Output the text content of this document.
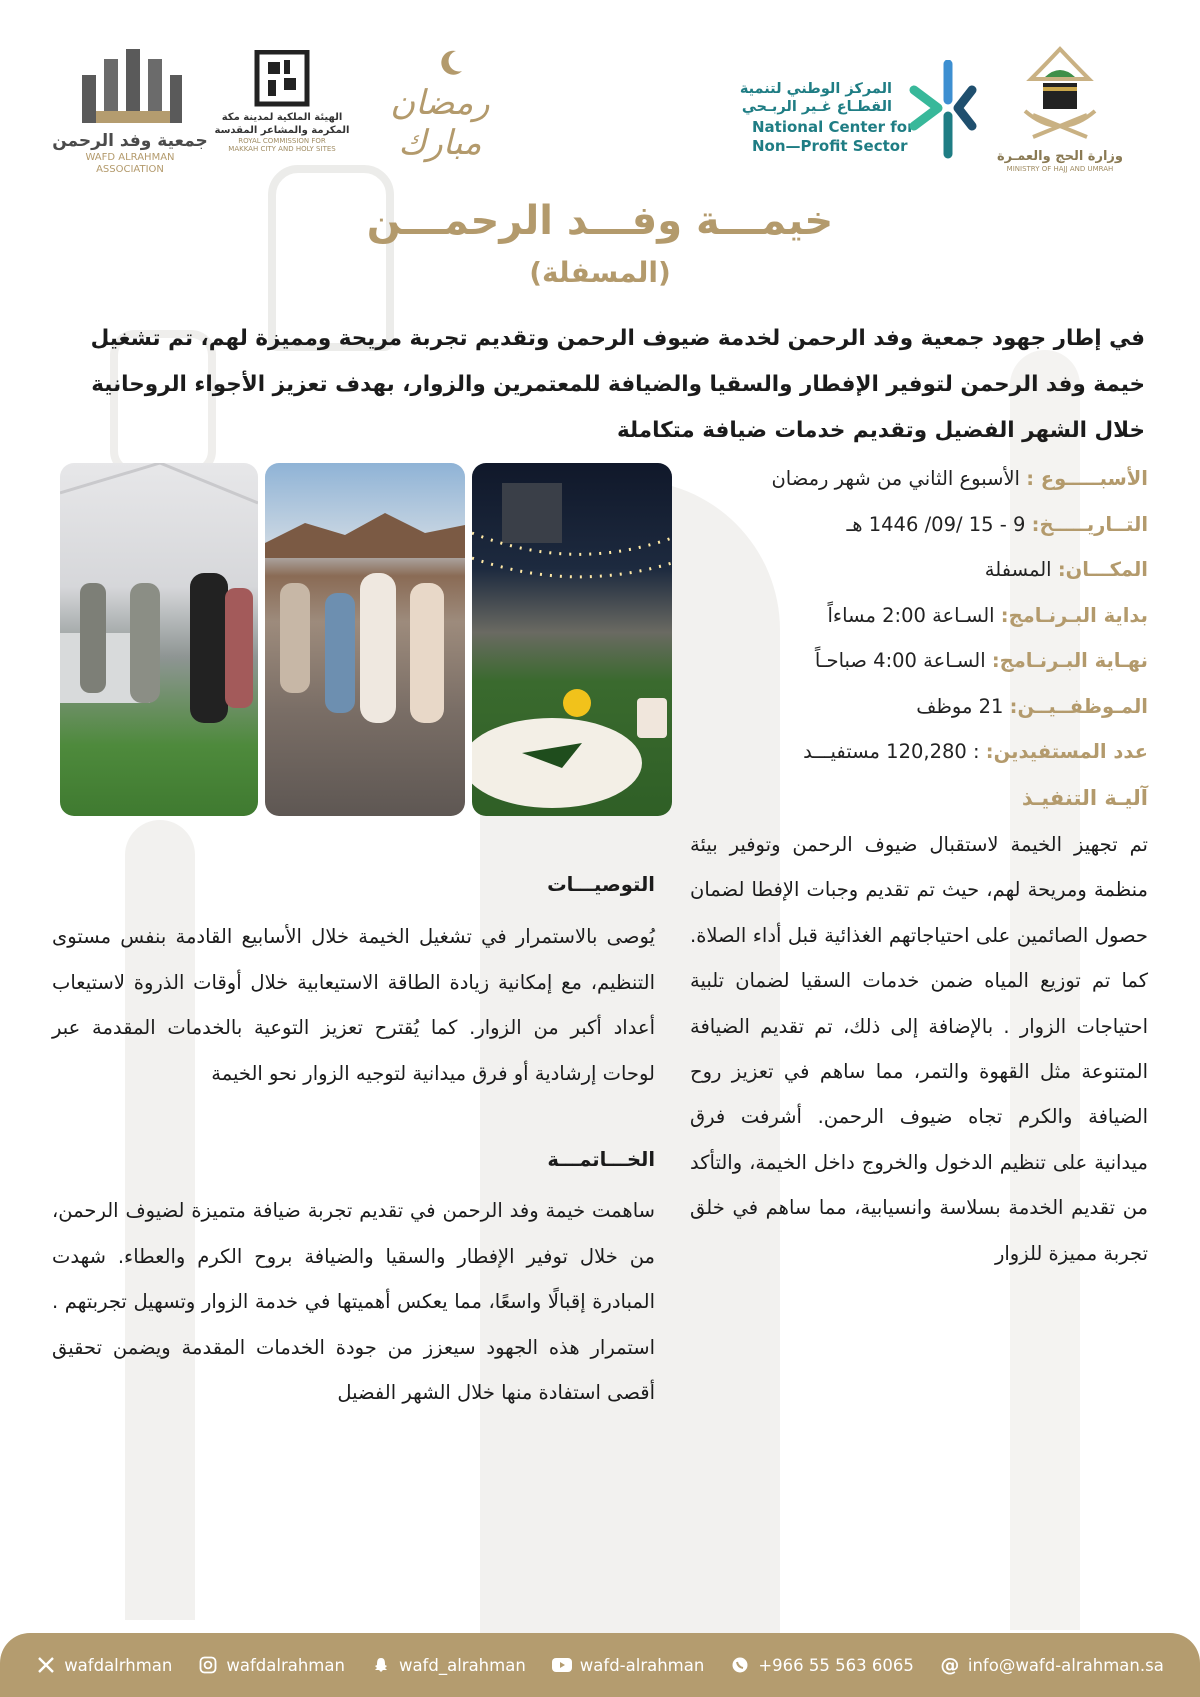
جمعية وفد الرحمن
WAFD ALRAHMAN ASSOCIATION
الهيئة الملكية لمدينة مكة
المكرمة والمشاعر المقدسة
ROYAL COMMISSION FOR
MAKKAH CITY AND HOLY SITES
رمضان مبارك
المركز الوطني لتنمية
القطـاع غـير الربـحي
National Center for
Non—Profit Sector
وزارة الحج والعمـرة
MINISTRY OF HAJJ AND UMRAH
خيمـــة وفـــد الرحمـــن
(المسفلة)
في إطار جهود جمعية وفد الرحمن لخدمة ضيوف الرحمن وتقديم تجربة مريحة ومميزة لهم، تم تشغيل خيمة وفد الرحمن لتوفير الإفطار والسقيا والضيافة للمعتمرين والزوار، بهدف تعزيز الأجواء الروحانية خلال الشهر الفضيل وتقديم خدمات ضيافة متكاملة
الأسبـــــوع : الأسبوع الثاني من شهر رمضان
التــاريـــــخ: 9 - 15 /09/ 1446 هـ
المكـــان: المسفلة
بداية البـرنـامج: السـاعة 2:00 مساءاً
نهـاية البـرنـامج: السـاعة 4:00 صباحـاً
المـوظفــيــن: 21 موظف
عدد المستفيدين: : 120,280 مستفيـــد
آليـة التنفيـذ
تم تجهيز الخيمة لاستقبال ضيوف الرحمن وتوفير بيئة منظمة ومريحة لهم، حيث تم تقديم وجبات الإفطا لضمان حصول الصائمين على احتياجاتهم الغذائية قبل أداء الصلاة. كما تم توزيع المياه ضمن خدمات السقيا لضمان تلبية احتياجات الزوار . بالإضافة إلى ذلك، تم تقديم الضيافة المتنوعة مثل القهوة والتمر، مما ساهم في تعزيز روح الضيافة والكرم تجاه ضيوف الرحمن. أشرفت فرق ميدانية على تنظيم الدخول والخروج داخل الخيمة، والتأكد من تقديم الخدمة بسلاسة وانسيابية، مما ساهم في خلق تجربة مميزة للزوار
التوصيـــات
يُوصى بالاستمرار في تشغيل الخيمة خلال الأسابيع القادمة بنفس مستوى التنظيم، مع إمكانية زيادة الطاقة الاستيعابية خلال أوقات الذروة لاستيعاب أعداد أكبر من الزوار. كما يُقترح تعزيز التوعية بالخدمات المقدمة عبر لوحات إرشادية أو فرق ميدانية لتوجيه الزوار نحو الخيمة
الخـــاتمـــة
ساهمت خيمة وفد الرحمن في تقديم تجربة ضيافة متميزة لضيوف الرحمن، من خلال توفير الإفطار والسقيا والضيافة بروح الكرم والعطاء. شهدت المبادرة إقبالًا واسعًا، مما يعكس أهميتها في خدمة الزوار وتسهيل تجربتهم . استمرار هذه الجهود سيعزز من جودة الخدمات المقدمة ويضمن تحقيق أقصى استفادة منها خلال الشهر الفضيل
wafdalrhman	wafdalrahman	wafd_alrahman	wafd-alrahman	+966 55 563 6065 @ info@wafd-alrahman.sa
